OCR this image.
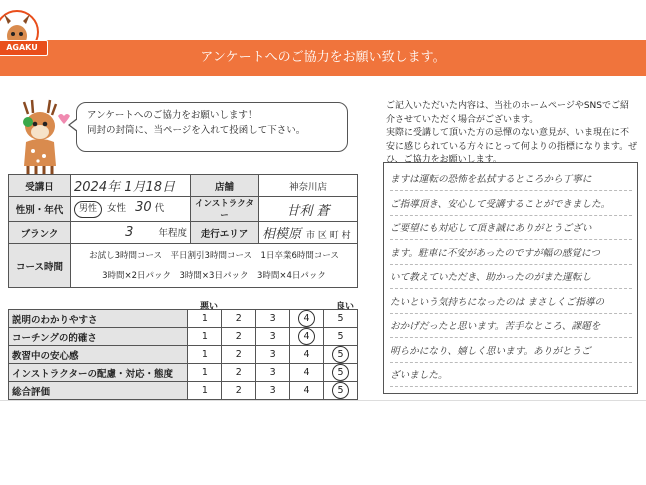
アンケートへのご協力をお願い致します。
AGAKU
アンケートへのご協力をお願いします！
同封の封筒に、当ページを入れて投函して下さい。
受講日	2024年 1月18日	店舗	神奈川店
性別・年代	男性 女性 30 代	インストラクター	甘利 蒼
ブランク	3 年程度	走行エリア	相模原 市 区 町 村
コース時間	お試し3時間コース　平日割引3時間コース　1日卒業6時間コース
3時間×2日パック　3時間×3日パック　3時間×4日パック		
悪い	良い
説明のわかりやすさ	1	2	3	4	5
コーチングの的確さ	1	2	3	4	5
教習中の安心感	1	2	3	4	5
インストラクターの配慮・対応・態度	1	2	3	4	5
総合評価	1	2	3	4	5
ご記入いただいた内容は、当社のホームページやSNSでご紹
介させていただく場合がございます。
実際に受講して頂いた方の忌憚のない意見が、いま現在に不
安に感じられている方々にとって何よりの指標になります。ぜ
ひ、ご協力をお願いします。
ますは運転の恐怖を払拭するところから丁寧に
ご指導頂き、安心して受講することができました。
ご要望にも対応して頂き誠にありがとうござい
ます。駐車に不安があったのですが幅の感覚につ
いて教えていただき、助かったのがまた運転し
たいという気持ちになったのは まさしくご指導の
おかげだったと思います。苦手なところ、課題を
明らかになり、嬉しく思います。ありがとうご
ざいました。
